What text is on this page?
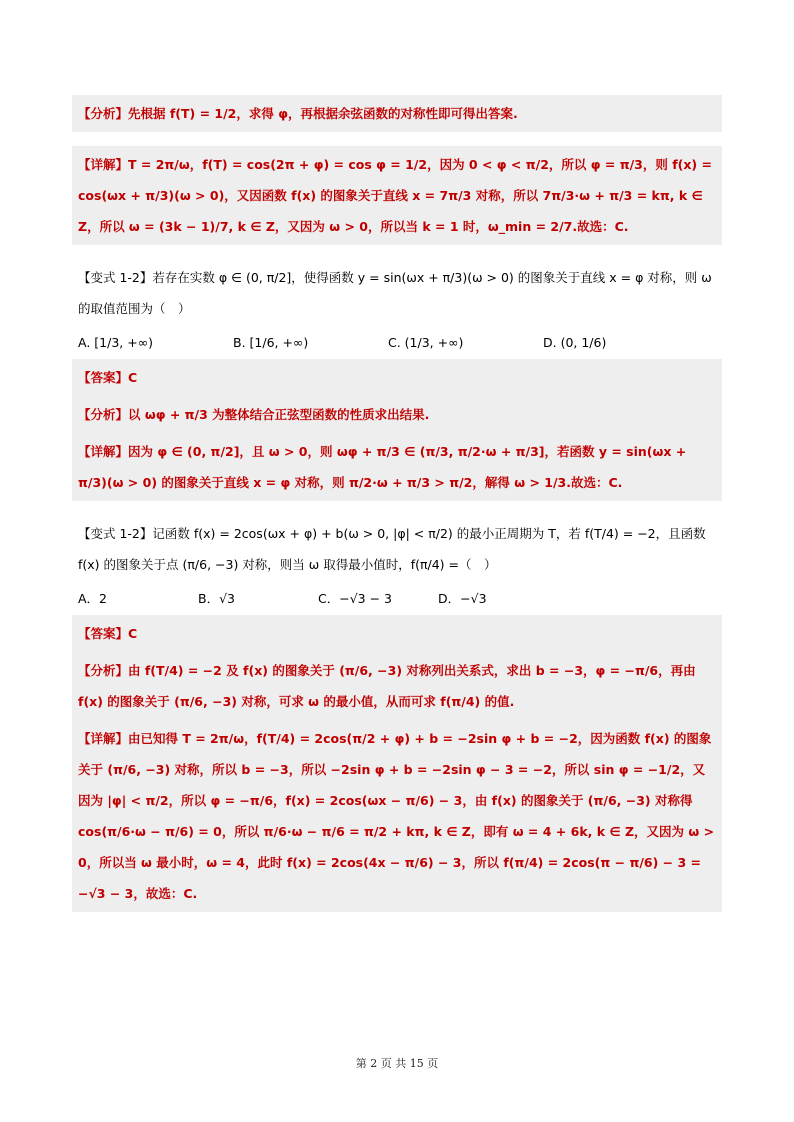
【分析】先根据 f(T) = 1/2，求得 φ，再根据余弦函数的对称性即可得出答案.

【详解】T = 2π/ω，f(T) = cos(2π + φ) = cos φ = 1/2，因为 0 < φ < π/2，所以 φ = π/3，则 f(x) = cos(ωx + π/3)(ω > 0)，又因函数 f(x) 的图象关于直线 x = 7π/3 对称，所以 7π/3·ω + π/3 = kπ, k ∈ Z，所以 ω = (3k − 1)/7, k ∈ Z，又因为 ω > 0，所以当 k = 1 时，ω_min = 2/7.故选：C.

【变式 1-2】若存在实数 φ ∈ (0, π/2]，使得函数 y = sin(ωx + π/3)(ω > 0) 的图象关于直线 x = φ 对称，则 ω 的取值范围为（　）

A. [1/3, +∞)	B. [1/6, +∞)	C. (1/3, +∞)	D. (0, 1/6)

【答案】C

【分析】以 ωφ + π/3 为整体结合正弦型函数的性质求出结果.

【详解】因为 φ ∈ (0, π/2]，且 ω > 0，则 ωφ + π/3 ∈ (π/3, π/2·ω + π/3]，若函数 y = sin(ωx + π/3)(ω > 0) 的图象关于直线 x = φ 对称，则 π/2·ω + π/3 > π/2，解得 ω > 1/3.故选：C.

【变式 1-2】记函数 f(x) = 2cos(ωx + φ) + b(ω > 0, |φ| < π/2) 的最小正周期为 T，若 f(T/4) = −2，且函数 f(x) 的图象关于点 (π/6, −3) 对称，则当 ω 取得最小值时，f(π/4) =（　）

A．2	B．√3	C．−√3 − 3	D．−√3

【答案】C

【分析】由 f(T/4) = −2 及 f(x) 的图象关于 (π/6, −3) 对称列出关系式，求出 b = −3，φ = −π/6，再由 f(x) 的图象关于 (π/6, −3) 对称，可求 ω 的最小值，从而可求 f(π/4) 的值.

【详解】由已知得 T = 2π/ω，f(T/4) = 2cos(π/2 + φ) + b = −2sin φ + b = −2，因为函数 f(x) 的图象关于 (π/6, −3) 对称，所以 b = −3，所以 −2sin φ + b = −2sin φ − 3 = −2，所以 sin φ = −1/2，又因为 |φ| < π/2，所以 φ = −π/6，f(x) = 2cos(ωx − π/6) − 3，由 f(x) 的图象关于 (π/6, −3) 对称得 cos(π/6·ω − π/6) = 0，所以 π/6·ω − π/6 = π/2 + kπ, k ∈ Z，即有 ω = 4 + 6k, k ∈ Z，又因为 ω > 0，所以当 ω 最小时，ω = 4，此时 f(x) = 2cos(4x − π/6) − 3，所以 f(π/4) = 2cos(π − π/6) − 3 = −√3 − 3，故选：C.

第 2 页 共 15 页
